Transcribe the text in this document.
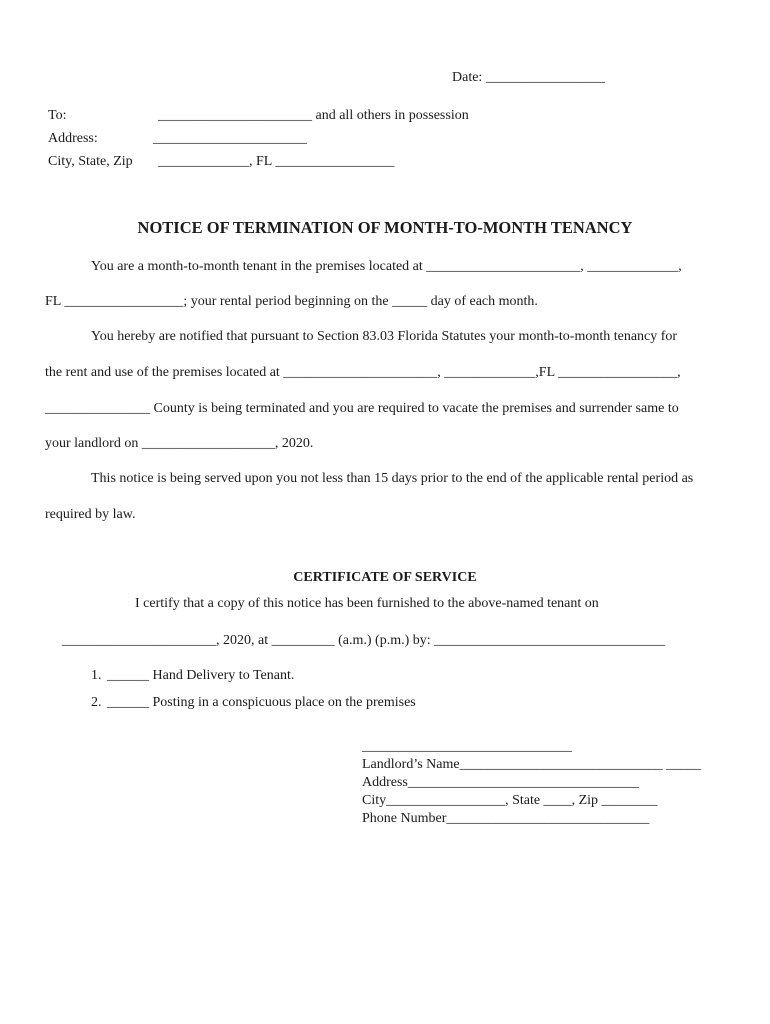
Date: _________________
To:	______________________ and all others in possession
Address:	______________________
City, State, Zip _____________, FL _________________
NOTICE OF TERMINATION OF MONTH-TO-MONTH TENANCY
You are a month-to-month tenant in the premises located at ______________________, _____________,
FL _________________; your rental period beginning on the _____ day of each month.
You hereby are notified that pursuant to Section 83.03 Florida Statutes your month-to-month tenancy for
the rent and use of the premises located at ______________________, _____________,FL _________________,
_______________ County is being terminated and you are required to vacate the premises and surrender same to
your landlord on ___________________, 2020.
This notice is being served upon you not less than 15 days prior to the end of the applicable rental period as
required by law.
CERTIFICATE OF SERVICE
I certify that a copy of this notice has been furnished to the above-named tenant on
______________________, 2020, at _________ (a.m.) (p.m.) by: _________________________________
1. ______ Hand Delivery to Tenant.
2. ______ Posting in a conspicuous place on the premises
______________________________
Landlord’s Name_____________________________ _____
Address_________________________________
City_________________, State ____, Zip ________
Phone Number_____________________________
